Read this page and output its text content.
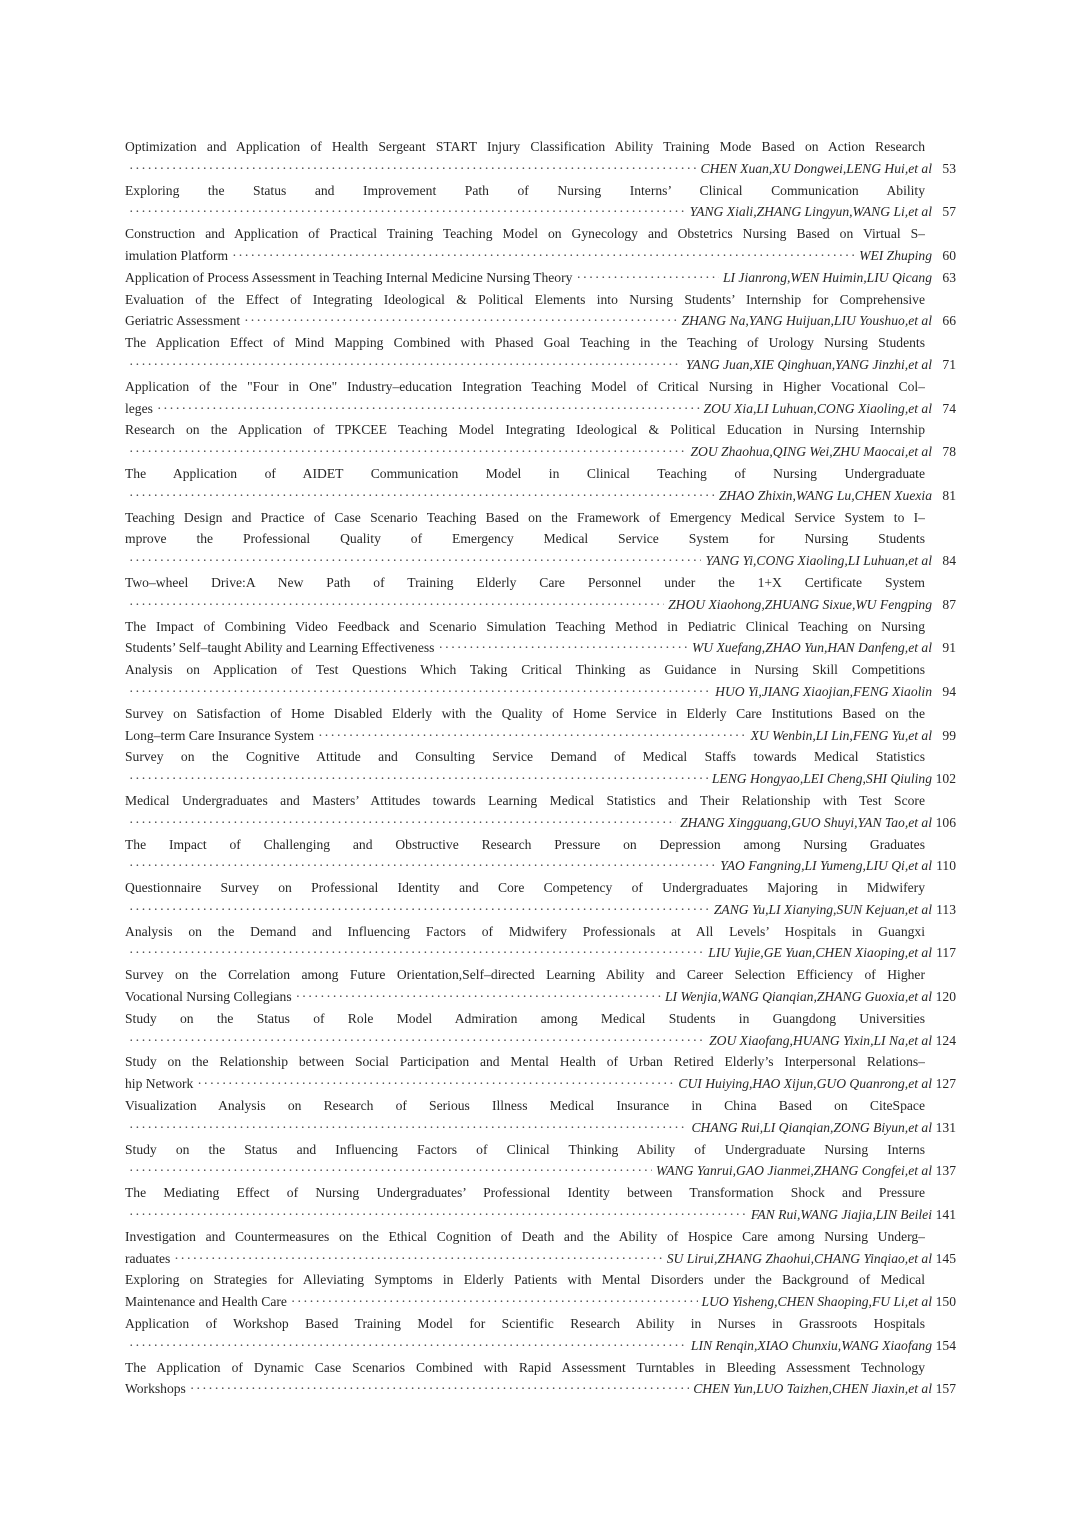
Optimization and Application of Health Sergeant START Injury Classification Ability Training Mode Based on Action Research
·····
CHEN Xuan,XU Dongwei,LENG Hui,et al 53
Exploring the Status and Improvement Path of Nursing Interns’ Clinical Communication Ability
·····
YANG Xiali,ZHANG Lingyun,WANG Li,et al 57
Construction and Application of Practical Training Teaching Model on Gynecology and Obstetrics Nursing Based on Virtual S–
imulation Platform ·····	WEI Zhuping 60
Application of Process Assessment in Teaching Internal Medicine Nursing Theory ·····	LI Jianrong,WEN Huimin,LIU Qicang 63
Evaluation of the Effect of Integrating Ideological & Political Elements into Nursing Students’ Internship for Comprehensive
Geriatric Assessment ·····	ZHANG Na,YANG Huijuan,LIU Youshuo,et al 66
The Application Effect of Mind Mapping Combined with Phased Goal Teaching in the Teaching of Urology Nursing Students
·····
YANG Juan,XIE Qinghuan,YANG Jinzhi,et al 71
Application of the "Four in One" Industry–education Integration Teaching Model of Critical Nursing in Higher Vocational Col–
leges ·····	ZOU Xia,LI Luhuan,CONG Xiaoling,et al 74
Research on the Application of TPKCEE Teaching Model Integrating Ideological & Political Education in Nursing Internship
·····
ZOU Zhaohua,QING Wei,ZHU Maocai,et al 78
The Application of AIDET Communication Model in Clinical Teaching of Nursing Undergraduate
·····
ZHAO Zhixin,WANG Lu,CHEN Xuexia 81
Teaching Design and Practice of Case Scenario Teaching Based on the Framework of Emergency Medical Service System to I–
mprove the Professional Quality of Emergency Medical Service System for Nursing Students
·····
YANG Yi,CONG Xiaoling,LI Luhuan,et al 84
Two–wheel Drive:A New Path of Training Elderly Care Personnel under the 1+X Certificate System
·····
ZHOU Xiaohong,ZHUANG Sixue,WU Fengping 87
The Impact of Combining Video Feedback and Scenario Simulation Teaching Method in Pediatric Clinical Teaching on Nursing
Students’ Self–taught Ability and Learning Effectiveness ·····	WU Xuefang,ZHAO Yun,HAN Danfeng,et al 91
Analysis on Application of Test Questions Which Taking Critical Thinking as Guidance in Nursing Skill Competitions
·····
HUO Yi,JIANG Xiaojian,FENG Xiaolin 94
Survey on Satisfaction of Home Disabled Elderly with the Quality of Home Service in Elderly Care Institutions Based on the
Long–term Care Insurance System ·····	XU Wenbin,LI Lin,FENG Yu,et al 99
Survey on the Cognitive Attitude and Consulting Service Demand of Medical Staffs towards Medical Statistics
·····
LENG Hongyao,LEI Cheng,SHI Qiuling 102
Medical Undergraduates and Masters’ Attitudes towards Learning Medical Statistics and Their Relationship with Test Score
·····
ZHANG Xingguang,GUO Shuyi,YAN Tao,et al 106
The Impact of Challenging and Obstructive Research Pressure on Depression among Nursing Graduates
·····
YAO Fangning,LI Yumeng,LIU Qi,et al 110
Questionnaire Survey on Professional Identity and Core Competency of Undergraduates Majoring in Midwifery
·····
ZANG Yu,LI Xianying,SUN Kejuan,et al 113
Analysis on the Demand and Influencing Factors of Midwifery Professionals at All Levels’ Hospitals in Guangxi
·····
LIU Yujie,GE Yuan,CHEN Xiaoping,et al 117
Survey on the Correlation among Future Orientation,Self–directed Learning Ability and Career Selection Efficiency of Higher
Vocational Nursing Collegians ·····	LI Wenjia,WANG Qianqian,ZHANG Guoxia,et al 120
Study on the Status of Role Model Admiration among Medical Students in Guangdong Universities
·····
ZOU Xiaofang,HUANG Yixin,LI Na,et al 124
Study on the Relationship between Social Participation and Mental Health of Urban Retired Elderly’s Interpersonal Relations–
hip Network ·····	CUI Huiying,HAO Xijun,GUO Quanrong,et al 127
Visualization Analysis on Research of Serious Illness Medical Insurance in China Based on CiteSpace
·····
CHANG Rui,LI Qianqian,ZONG Biyun,et al 131
Study on the Status and Influencing Factors of Clinical Thinking Ability of Undergraduate Nursing Interns
·····
WANG Yanrui,GAO Jianmei,ZHANG Congfei,et al 137
The Mediating Effect of Nursing Undergraduates’ Professional Identity between Transformation Shock and Pressure
·····
FAN Rui,WANG Jiajia,LIN Beilei 141
Investigation and Countermeasures on the Ethical Cognition of Death and the Ability of Hospice Care among Nursing Underg–
raduates ·····	SU Lirui,ZHANG Zhaohui,CHANG Yinqiao,et al 145
Exploring on Strategies for Alleviating Symptoms in Elderly Patients with Mental Disorders under the Background of Medical
Maintenance and Health Care ·····	LUO Yisheng,CHEN Shaoping,FU Li,et al 150
Application of Workshop Based Training Model for Scientific Research Ability in Nurses in Grassroots Hospitals
·····
LIN Renqin,XIAO Chunxiu,WANG Xiaofang 154
The Application of Dynamic Case Scenarios Combined with Rapid Assessment Turntables in Bleeding Assessment Technology
Workshops ·····	CHEN Yun,LUO Taizhen,CHEN Jiaxin,et al 157
